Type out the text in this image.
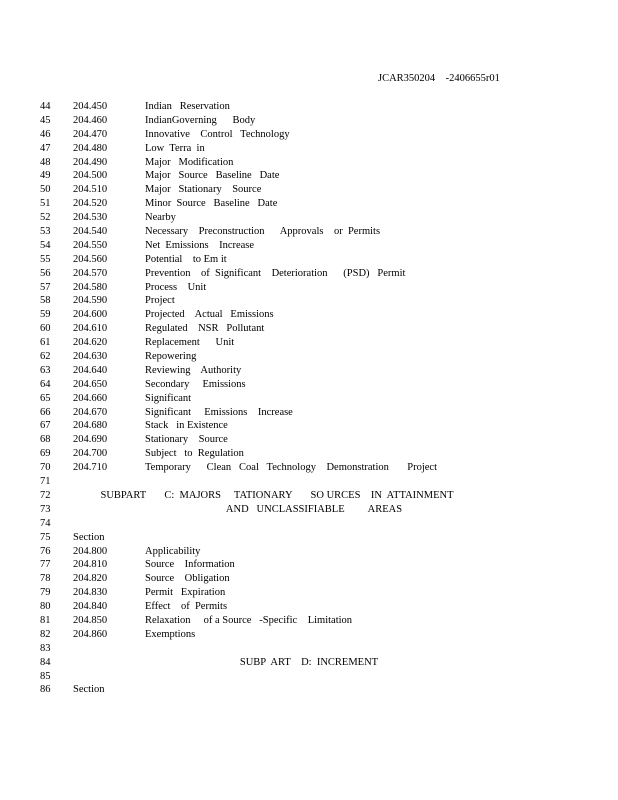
JCAR350204    -2406655r01
44 204.450	Indian   Reservation
45 204.460	IndianGoverning      Body
46 204.470	Innovative    Control   Technology
47 204.480	Low  Terra  in
48 204.490	Major   Modification
49 204.500	Major   Source   Baseline   Date
50 204.510	Major   Stationary    Source
51 204.520	Minor  Source   Baseline   Date
52 204.530	Nearby
53 204.540	Necessary    Preconstruction      Approvals    or  Permits
54 204.550	Net  Emissions    Increase
55 204.560	Potential    to Em it
56 204.570	Prevention    of  Significant    Deterioration      (PSD)   Permit
57 204.580	Process    Unit
58 204.590	Project
59 204.600	Projected    Actual   Emissions
60 204.610	Regulated    NSR   Pollutant
61 204.620	Replacement      Unit
62 204.630	Repowering
63 204.640	Reviewing    Authority
64 204.650	Secondary     Emissions
65 204.660	Significant
66 204.670	Significant     Emissions    Increase
67 204.680	Stack   in Existence
68 204.690	Stationary    Source
69 204.700	Subject   to  Regulation
70 204.710	Temporary      Clean   Coal   Technology    Demonstration       Project
71
72	SUBPART       C:  MAJORS     TATIONARY       SO URCES    IN  ATTAINMENT
73	AND   UNCLASSIFIABLE         AREAS
74
75 Section
76 204.800	Applicability
77 204.810	Source    Information
78 204.820	Source    Obligation
79 204.830	Permit   Expiration
80 204.840	Effect    of  Permits
81 204.850	Relaxation     of a Source   -Specific    Limitation
82 204.860	Exemptions
83
84	SUBP  ART    D:  INCREMENT
85
86 Section
